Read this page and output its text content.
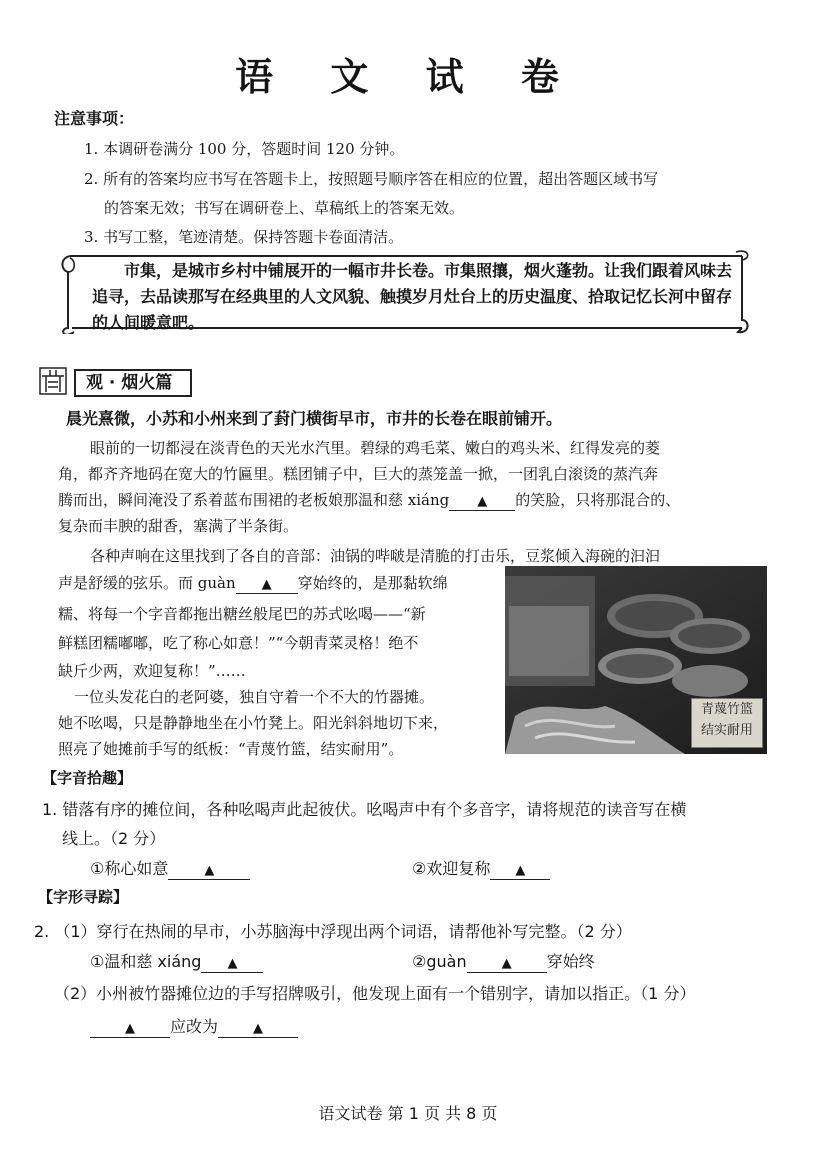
语 文 试 卷
注意事项：
1. 本调研卷满分 100 分，答题时间 120 分钟。
2. 所有的答案均应书写在答题卡上，按照题号顺序答在相应的位置，超出答题区域书写
的答案无效；书写在调研卷上、草稿纸上的答案无效。
3. 书写工整，笔迹清楚。保持答题卡卷面清洁。
市集，是城市乡村中铺展开的一幅市井长卷。市集照攘，烟火蓬勃。让我们跟着风味去追寻，去品读那写在经典里的人文风貌、触摸岁月灶台上的历史温度、拾取记忆长河中留存的人间暖意吧。
观 · 烟火篇
晨光熹微，小苏和小州来到了葑门横街早市，市井的长卷在眼前铺开。
眼前的一切都浸在淡青色的天光水汽里。碧绿的鸡毛菜、嫩白的鸡头米、红得发亮的菱
角，都齐齐地码在宽大的竹匾里。糕团铺子中，巨大的蒸笼盖一掀，一团乳白滚烫的蒸汽奔
腾而出，瞬间淹没了系着蓝布围裙的老板娘那温和慈 xiáng ▲ 的笑脸，只将那混合的、
复杂而丰腴的甜香，塞满了半条街。
各种声响在这里找到了各自的音部：油锅的哔啵是清脆的打击乐，豆浆倾入海碗的汩汩
声是舒缓的弦乐。而 guàn ▲ 穿始终的，是那黏软绵
糯、将每一个字音都拖出糖丝般尾巴的苏式吆喝——“新
鲜糕团糯嘟嘟，吃了称心如意！”“今朝青菜灵格！绝不
缺斤少两，欢迎复称！”……
一位头发花白的老阿婆，独自守着一个不大的竹器摊。
她不吆喝，只是静静地坐在小竹凳上。阳光斜斜地切下来，
照亮了她摊前手写的纸板：“青蔑竹篮，结实耐用”。
青蔑竹篮
结实耐用
【字音拾趣】
1. 错落有序的摊位间，各种吆喝声此起彼伏。吆喝声中有个多音字，请将规范的读音写在横
线上。（2 分）
①称心如意	▲	②欢迎复称 ▲
【字形寻踪】
2. （1）穿行在热闹的早市，小苏脑海中浮现出两个词语，请帮他补写完整。（2 分）
①温和慈 xiáng ▲	②guàn	▲ 穿始终
（2）小州被竹器摊位边的手写招牌吸引，他发现上面有一个错别字，请加以指正。（1 分）
▲ 应改为	▲
语文试卷 第 1 页 共 8 页
